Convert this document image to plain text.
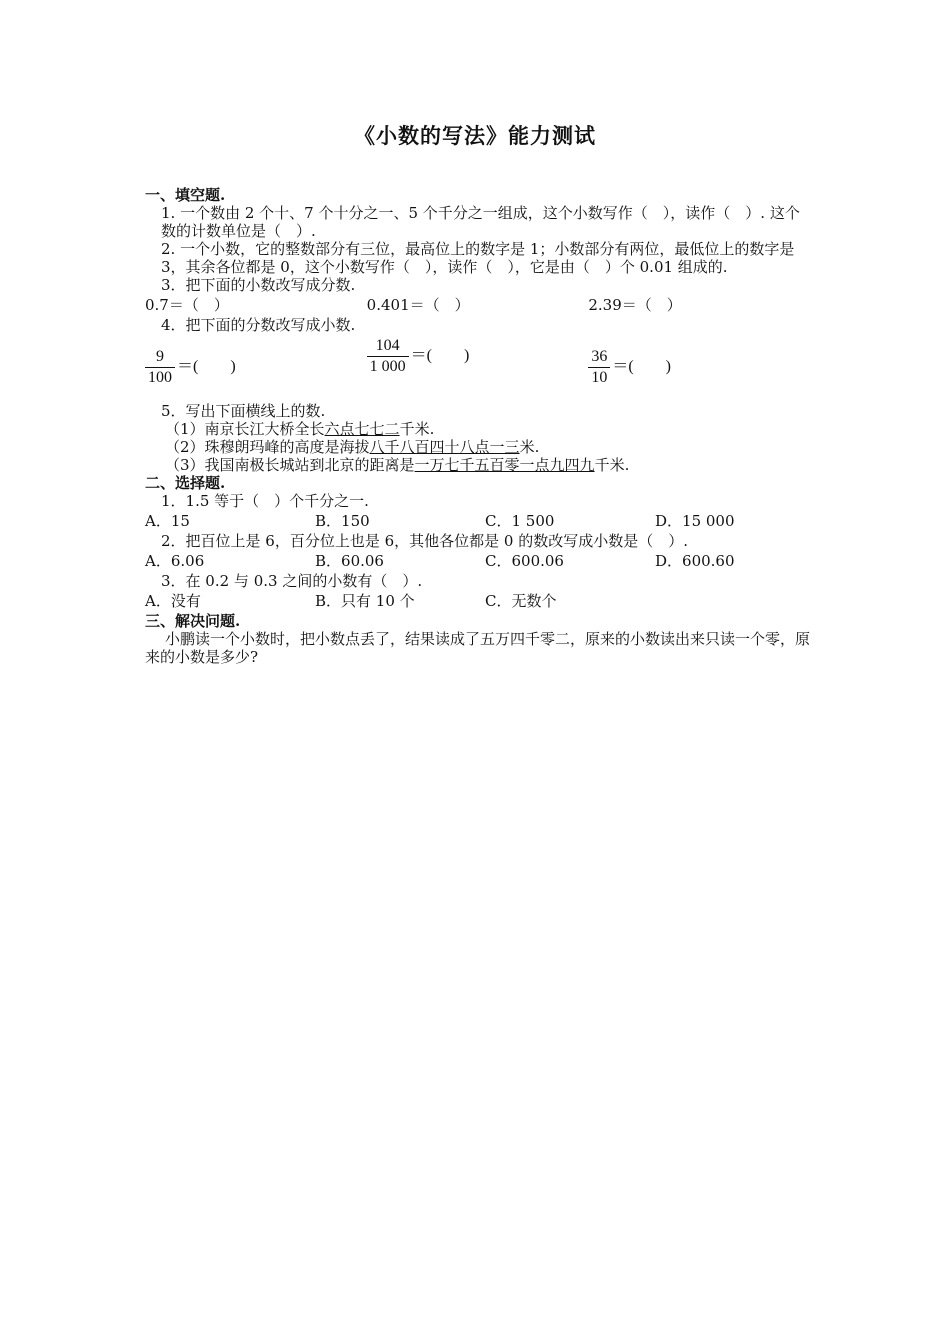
《小数的写法》能力测试
一、填空题.

1. 一个数由 2 个十、7 个十分之一、5 个千分之一组成，这个小数写作（　），读作（　）. 这个数的计数单位是（　）.

2. 一个小数，它的整数部分有三位，最高位上的数字是 1；小数部分有两位，最低位上的数字是 3，其余各位都是 0，这个小数写作（　），读作（　），它是由（　）个 0.01 组成的.

3．把下面的小数改写成分数.

0.7＝（　）	0.401＝（　）	2.39＝（　）

4．把下面的分数改写成小数.

$\frac{9}{100}$ ＝(　　)	$\frac{104}{1 000}$ ＝(　　)	$\frac{36}{10}$ ＝(　　)

5．写出下面横线上的数.

（1）南京长江大桥全长六点七七二千米.

（2）珠穆朗玛峰的高度是海拔八千八百四十八点一三米.

（3）我国南极长城站到北京的距离是一万七千五百零一点九四九千米.

二、选择题.

1．1.5 等于（　）个千分之一.

A．15	B．150	C．1 500	D．15 000

2．把百位上是 6，百分位上也是 6，其他各位都是 0 的数改写成小数是（　）.

A．6.06	B．60.06	C．600.06	D．600.60

3．在 0.2 与 0.3 之间的小数有（　）.

A．没有	B．只有 10 个	C．无数个
三、解决问题.

小鹏读一个小数时，把小数点丢了，结果读成了五万四千零二，原来的小数读出来只读一个零，原来的小数是多少?
